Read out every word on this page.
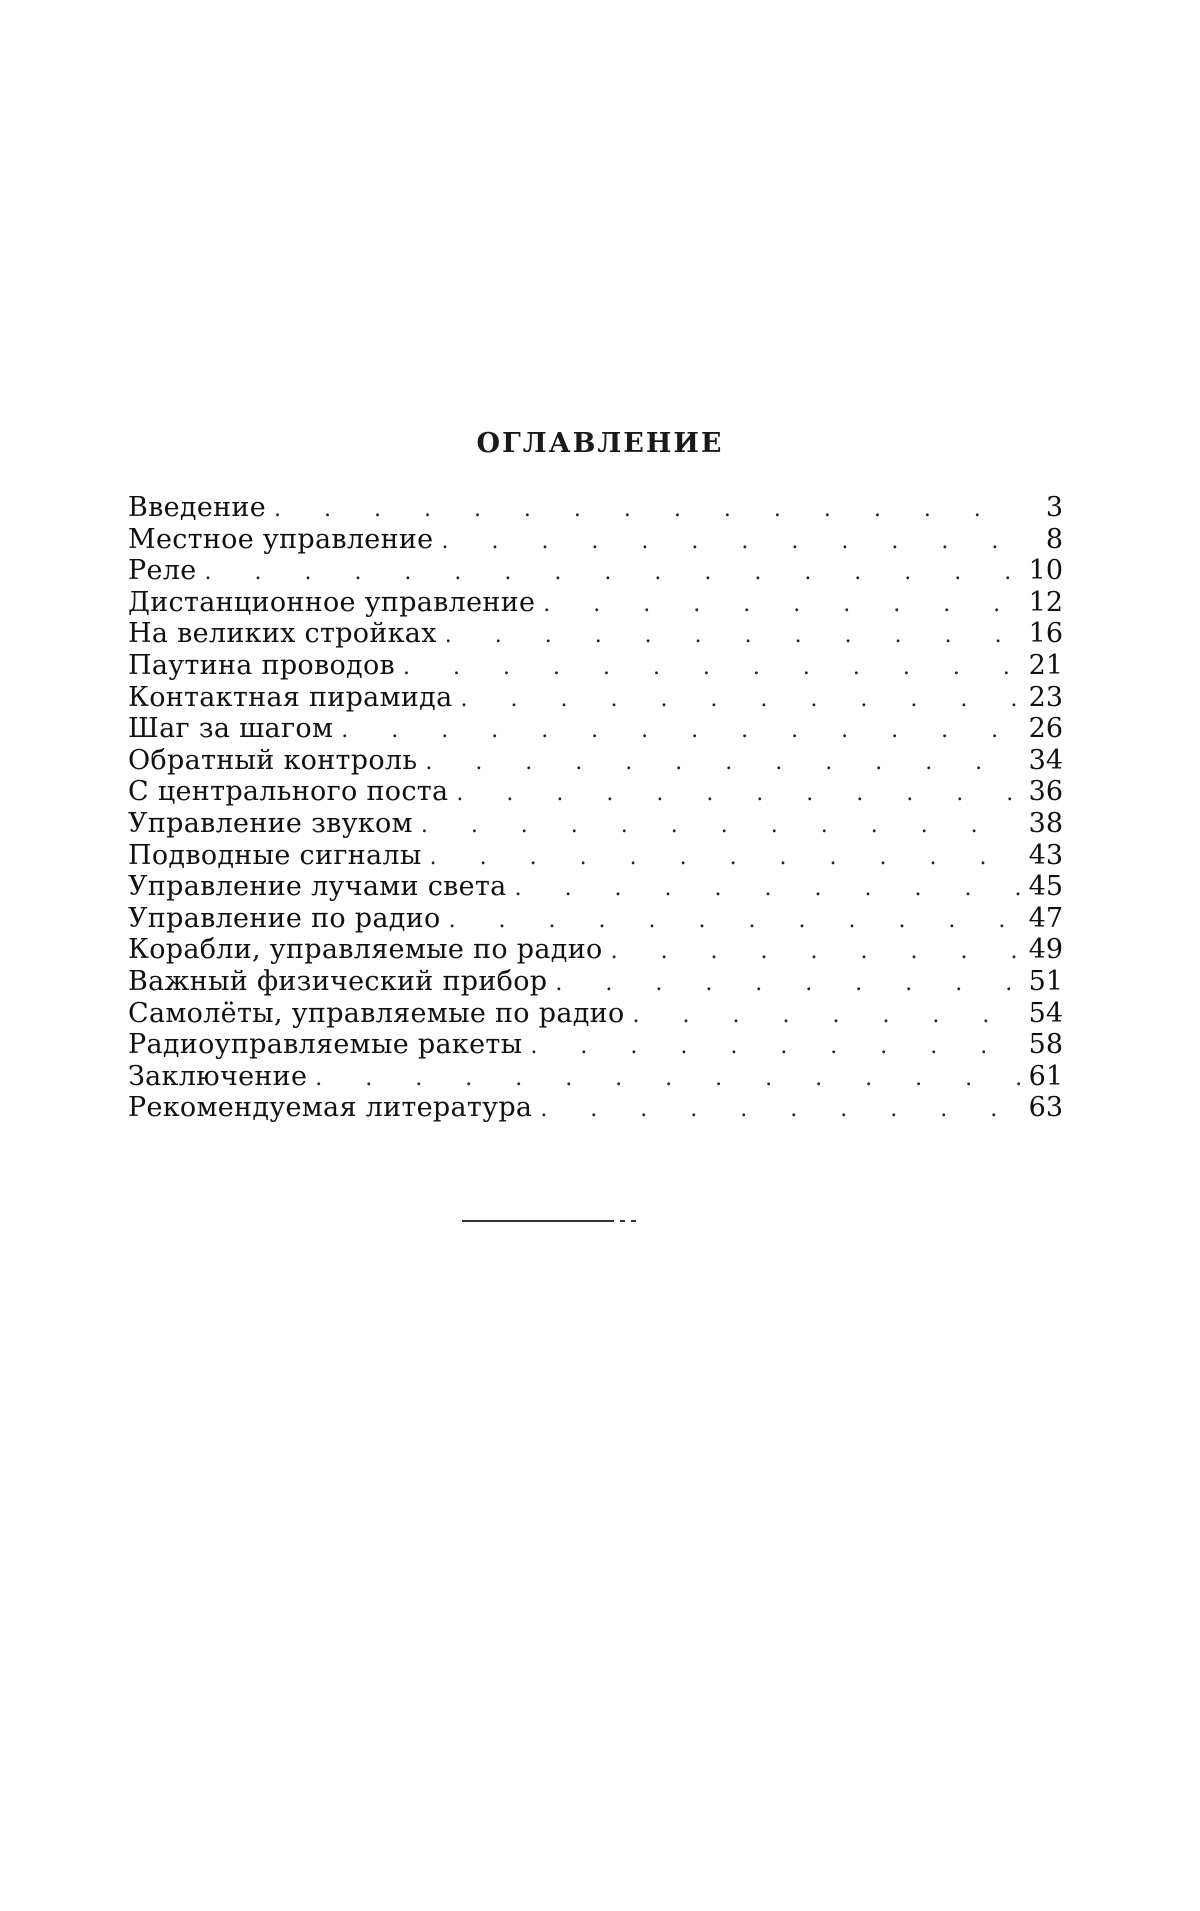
ОГЛАВЛЕНИЕ
Введение . . .	3
Местное управление . . .	8
Реле . . .	10
Дистанционное управление . . .	12
На великих стройках . . .	16
Паутина проводов . . .	21
Контактная пирамида . . .	23
Шаг за шагом . . .	26
Обратный контроль . . .	34
С центрального поста . . .	36
Управление звуком . . .	38
Подводные сигналы . . .	43
Управление лучами света . . .	45
Управление по радио . . .	47
Корабли, управляемые по радио . . .	49
Важный физический прибор . . .	51
Самолёты, управляемые по радио . . .	54
Радиоуправляемые ракеты . . .	58
Заключение . . .	61
Рекомендуемая литература . . .	63
